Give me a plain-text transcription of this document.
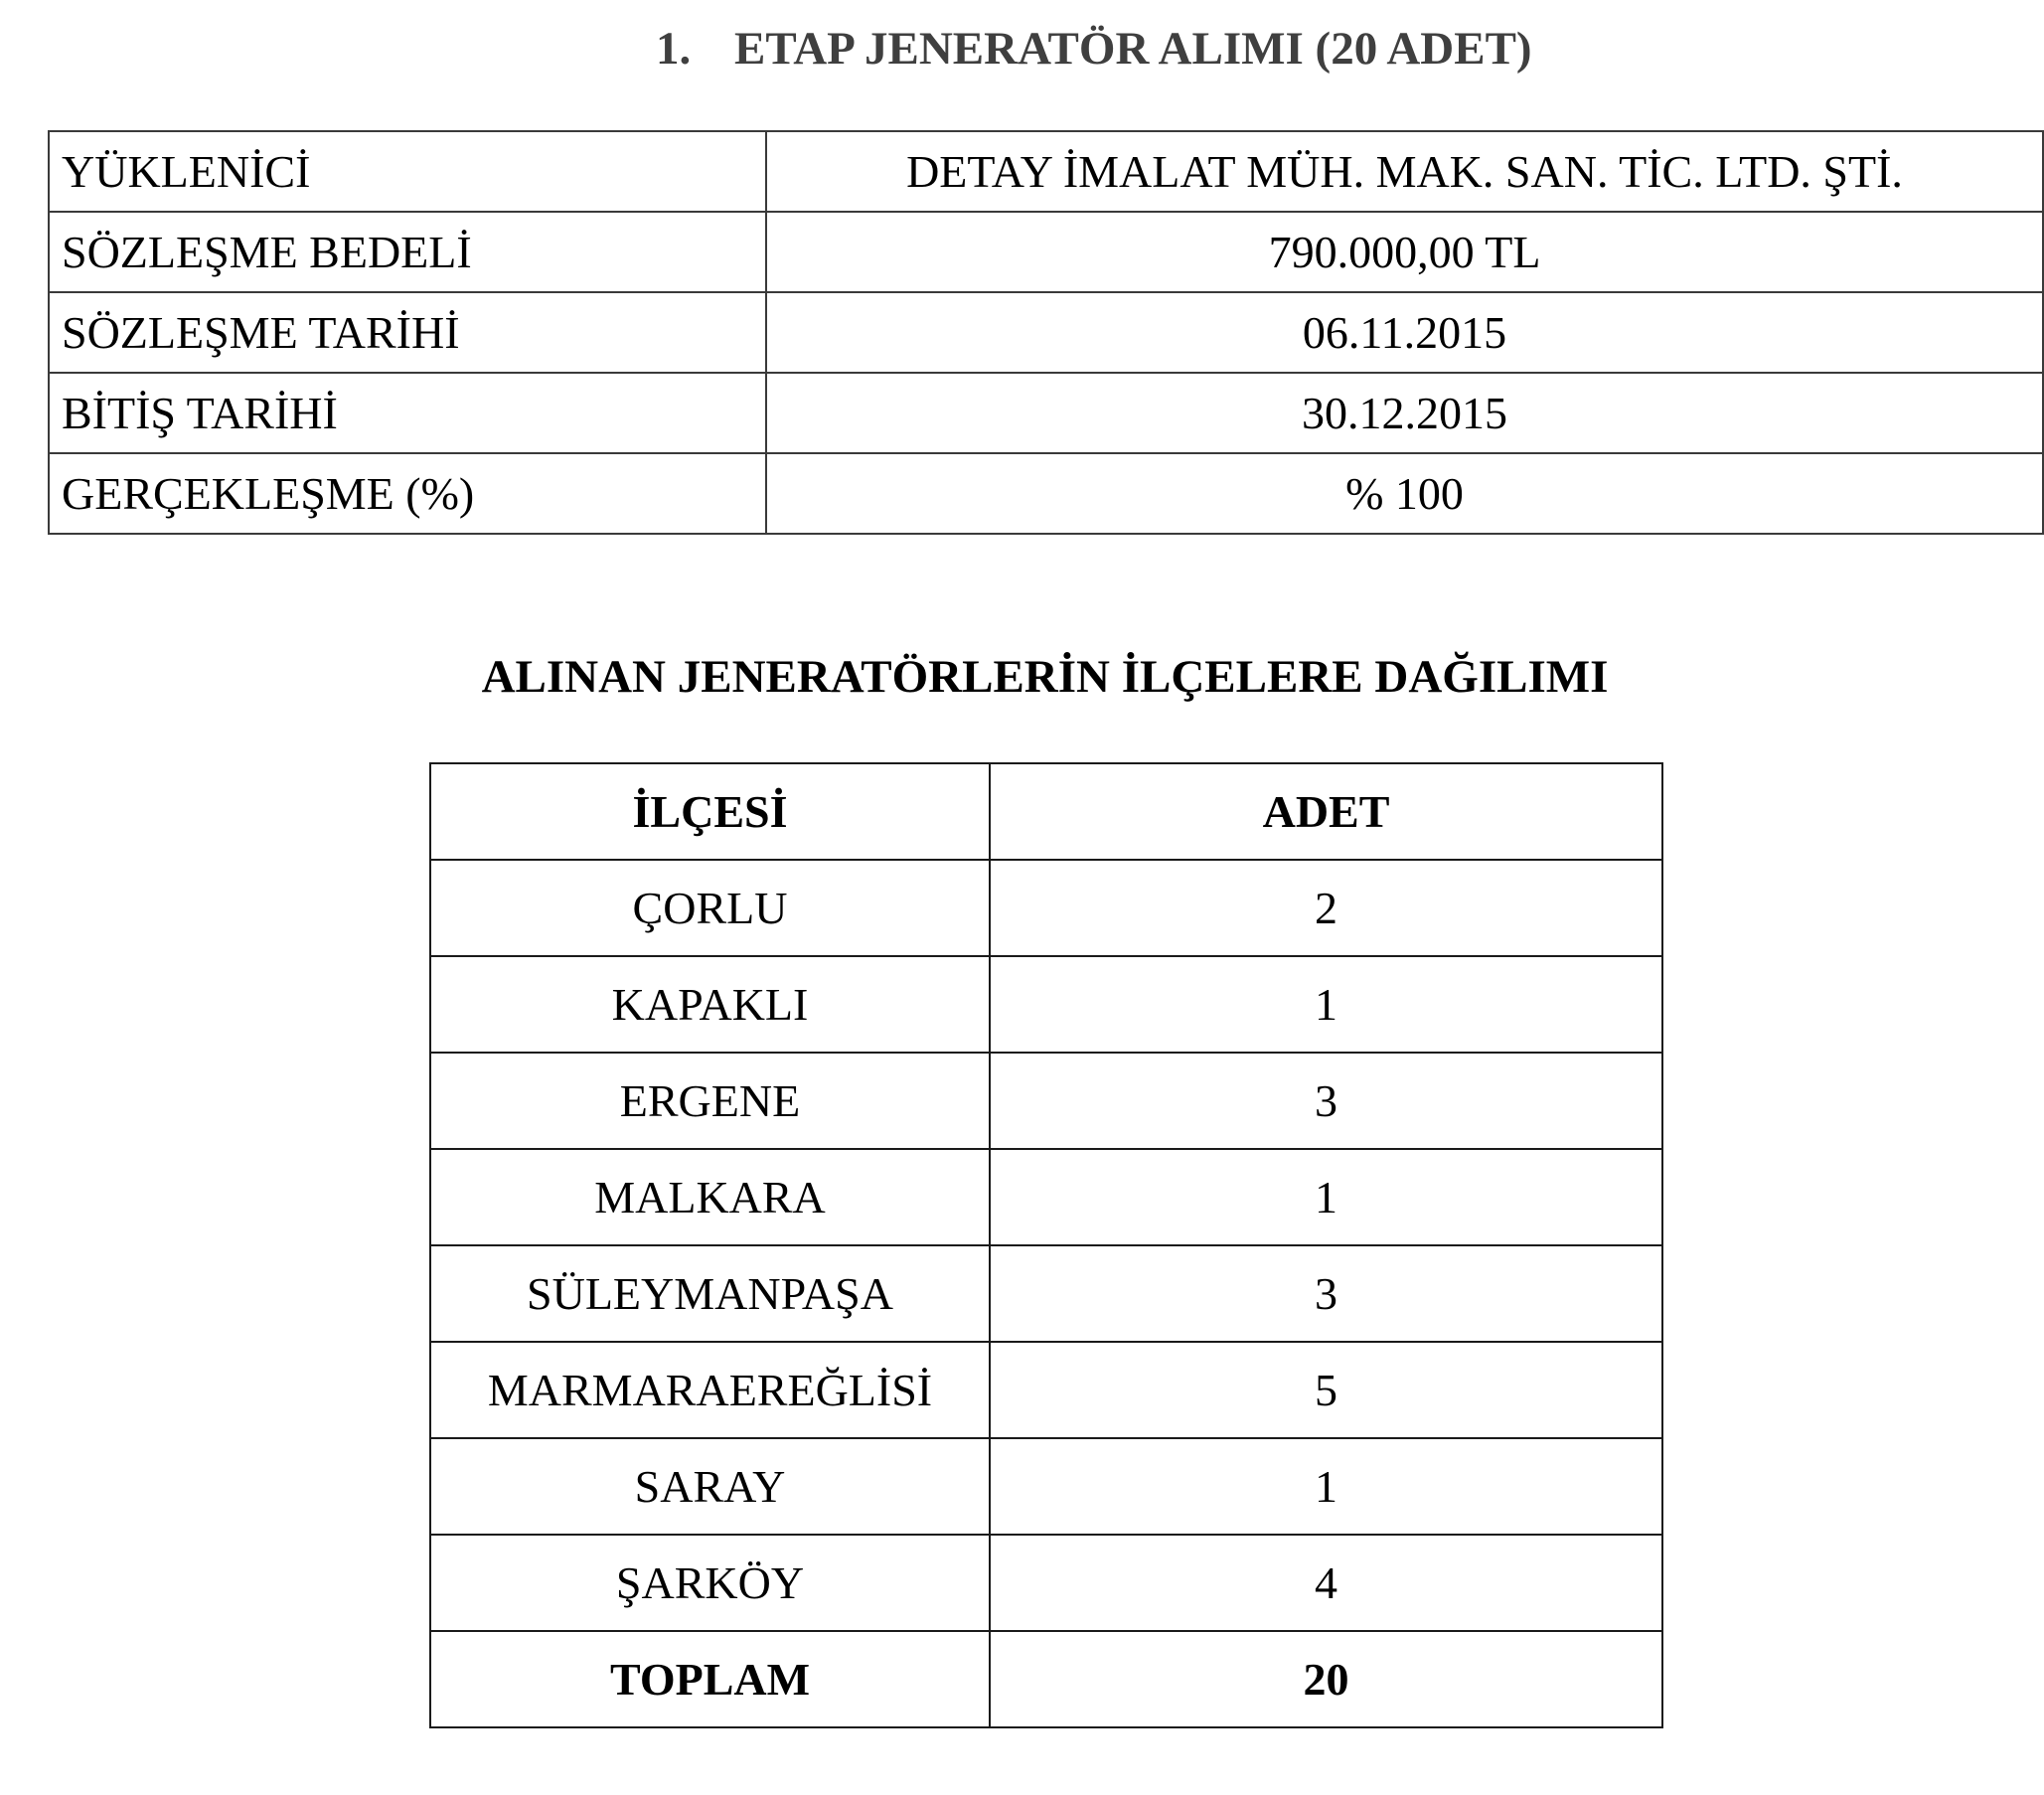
1. ETAP JENERATÖR ALIMI (20 ADET)
YÜKLENİCİ	DETAY İMALAT MÜH. MAK. SAN. TİC. LTD. ŞTİ.
SÖZLEŞME BEDELİ	790.000,00 TL
SÖZLEŞME TARİHİ	06.11.2015
BİTİŞ TARİHİ	30.12.2015
GERÇEKLEŞME (%)	% 100
ALINAN JENERATÖRLERİN İLÇELERE DAĞILIMI
İLÇESİ	ADET
ÇORLU	2
KAPAKLI	1
ERGENE	3
MALKARA	1
SÜLEYMANPAŞA	3
MARMARAEREĞLİSİ	5
SARAY	1
ŞARKÖY	4
TOPLAM	20
